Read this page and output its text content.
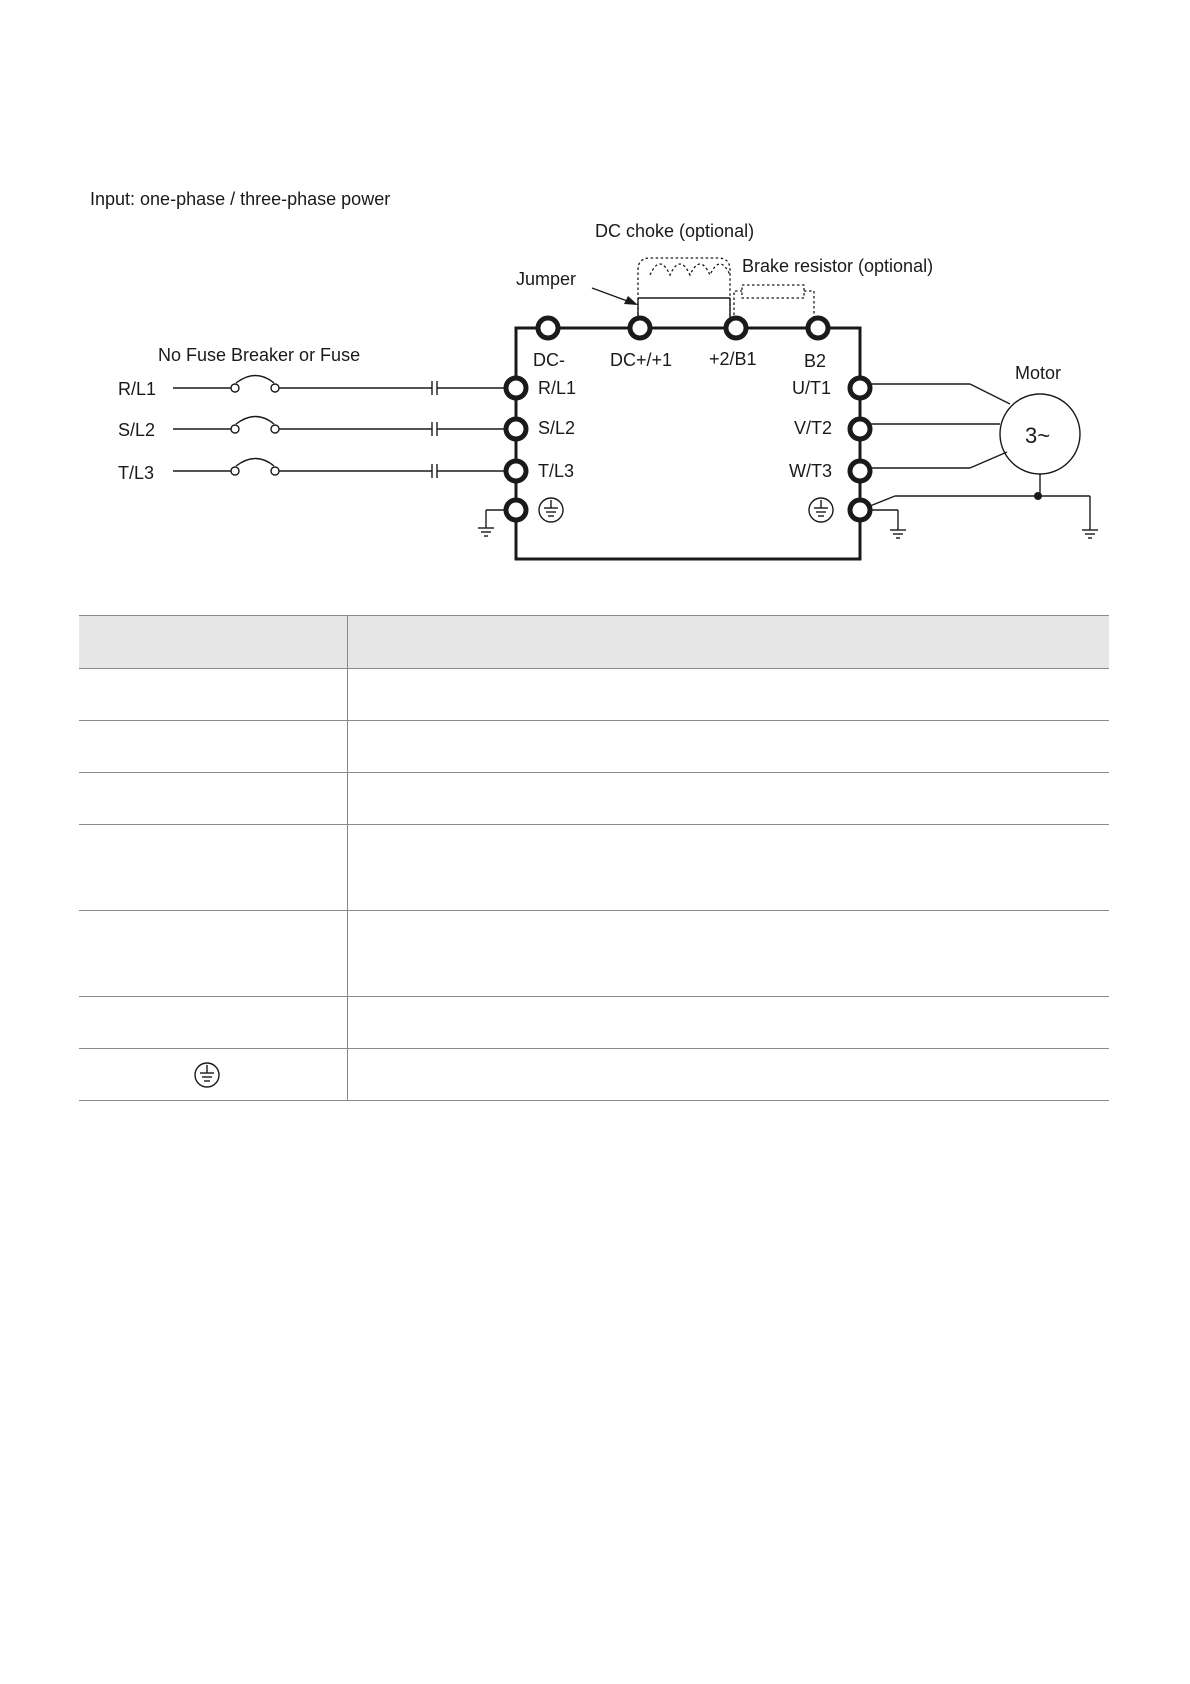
Input: one-phase / three-phase power
DC choke (optional)
Brake resistor (optional)
Jumper
DC-	DC+/+1 +2/B1	B2
No Fuse Breaker or Fuse
R/L1
S/L2
T/L3
R/L1
S/L2
T/L3
U/T1
V/T2
W/T3
Motor
3~
